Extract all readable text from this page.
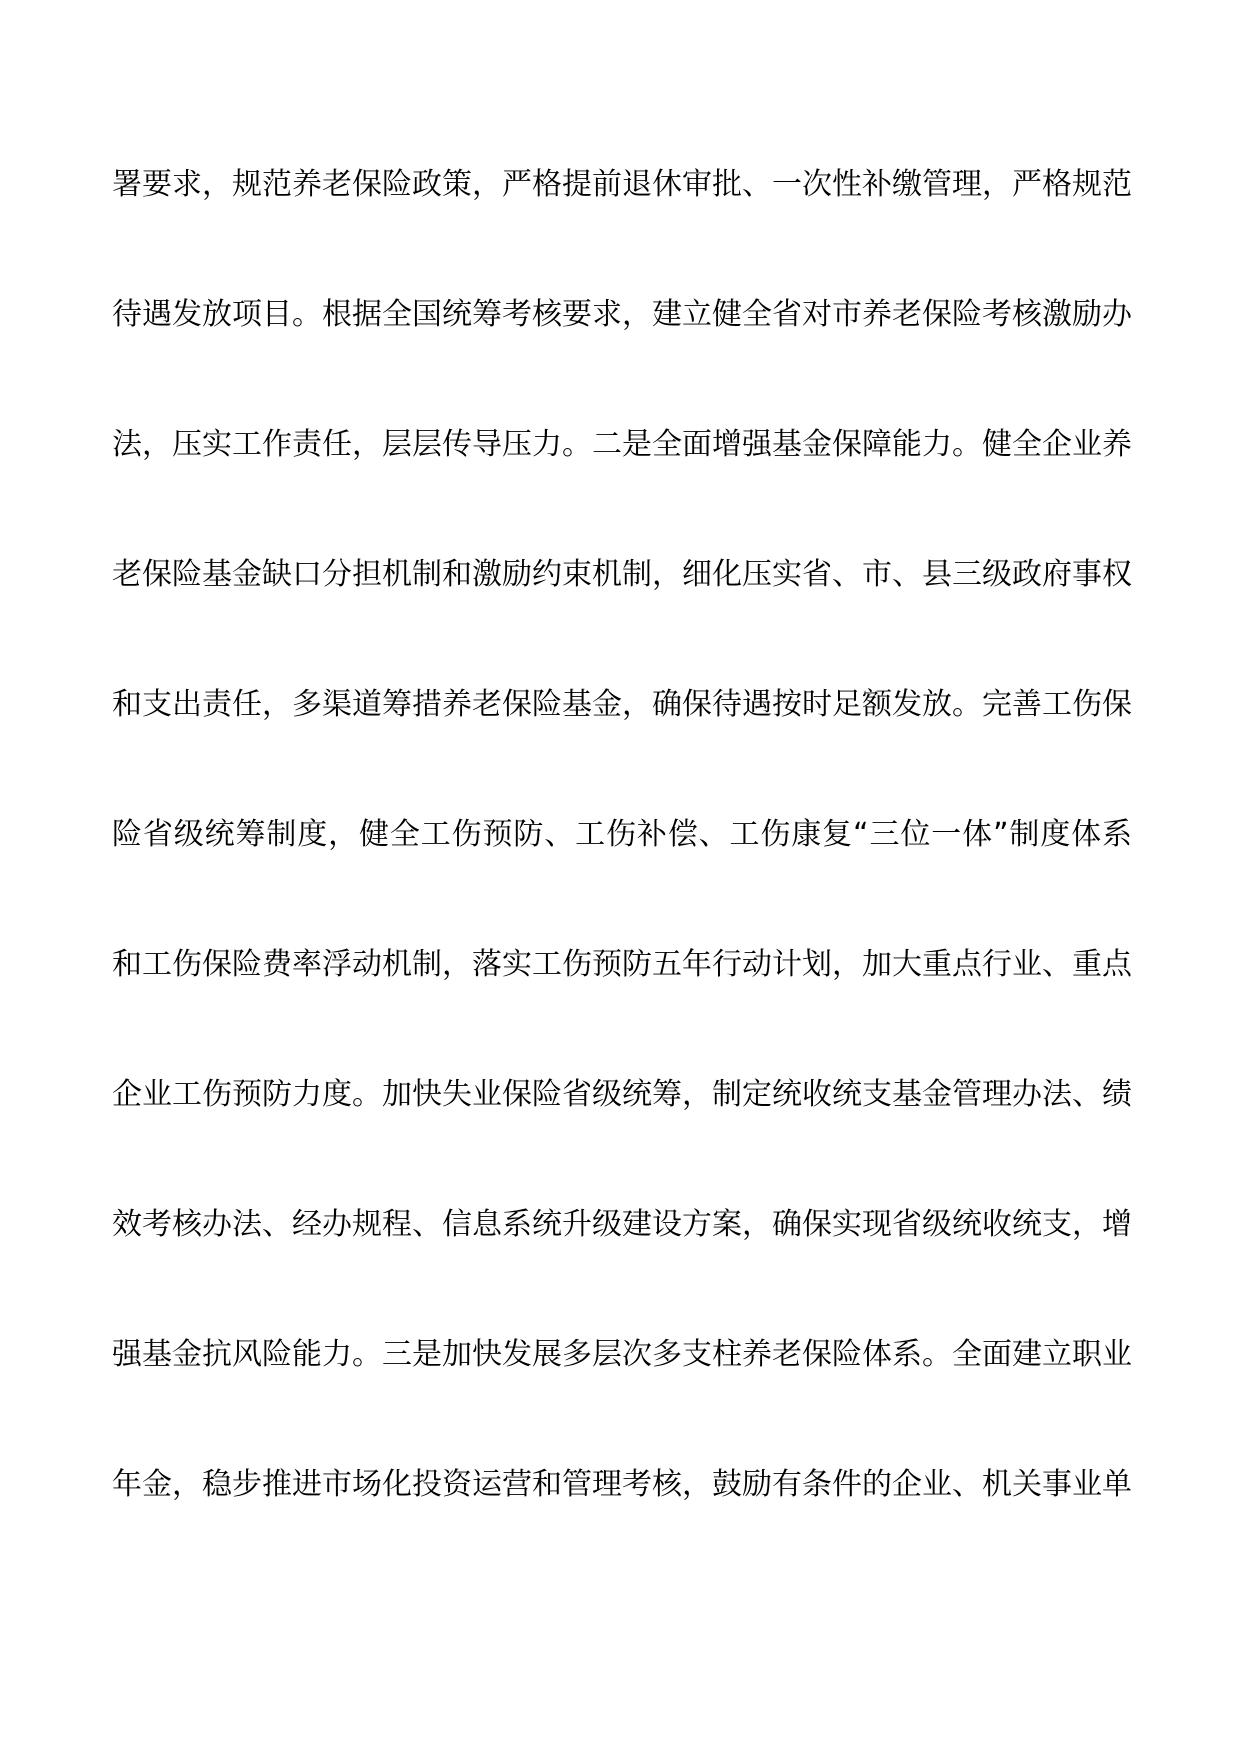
署要求，规范养老保险政策，严格提前退休审批、一次性补缴管理，严格规范
待遇发放项目。根据全国统筹考核要求，建立健全省对市养老保险考核激励办
法，压实工作责任，层层传导压力。二是全面增强基金保障能力。健全企业养
老保险基金缺口分担机制和激励约束机制，细化压实省、市、县三级政府事权
和支出责任，多渠道筹措养老保险基金，确保待遇按时足额发放。完善工伤保
险省级统筹制度，健全工伤预防、工伤补偿、工伤康复“三位一体”制度体系
和工伤保险费率浮动机制，落实工伤预防五年行动计划，加大重点行业、重点
企业工伤预防力度。加快失业保险省级统筹，制定统收统支基金管理办法、绩
效考核办法、经办规程、信息系统升级建设方案，确保实现省级统收统支，增
强基金抗风险能力。三是加快发展多层次多支柱养老保险体系。全面建立职业
年金，稳步推进市场化投资运营和管理考核，鼓励有条件的企业、机关事业单
